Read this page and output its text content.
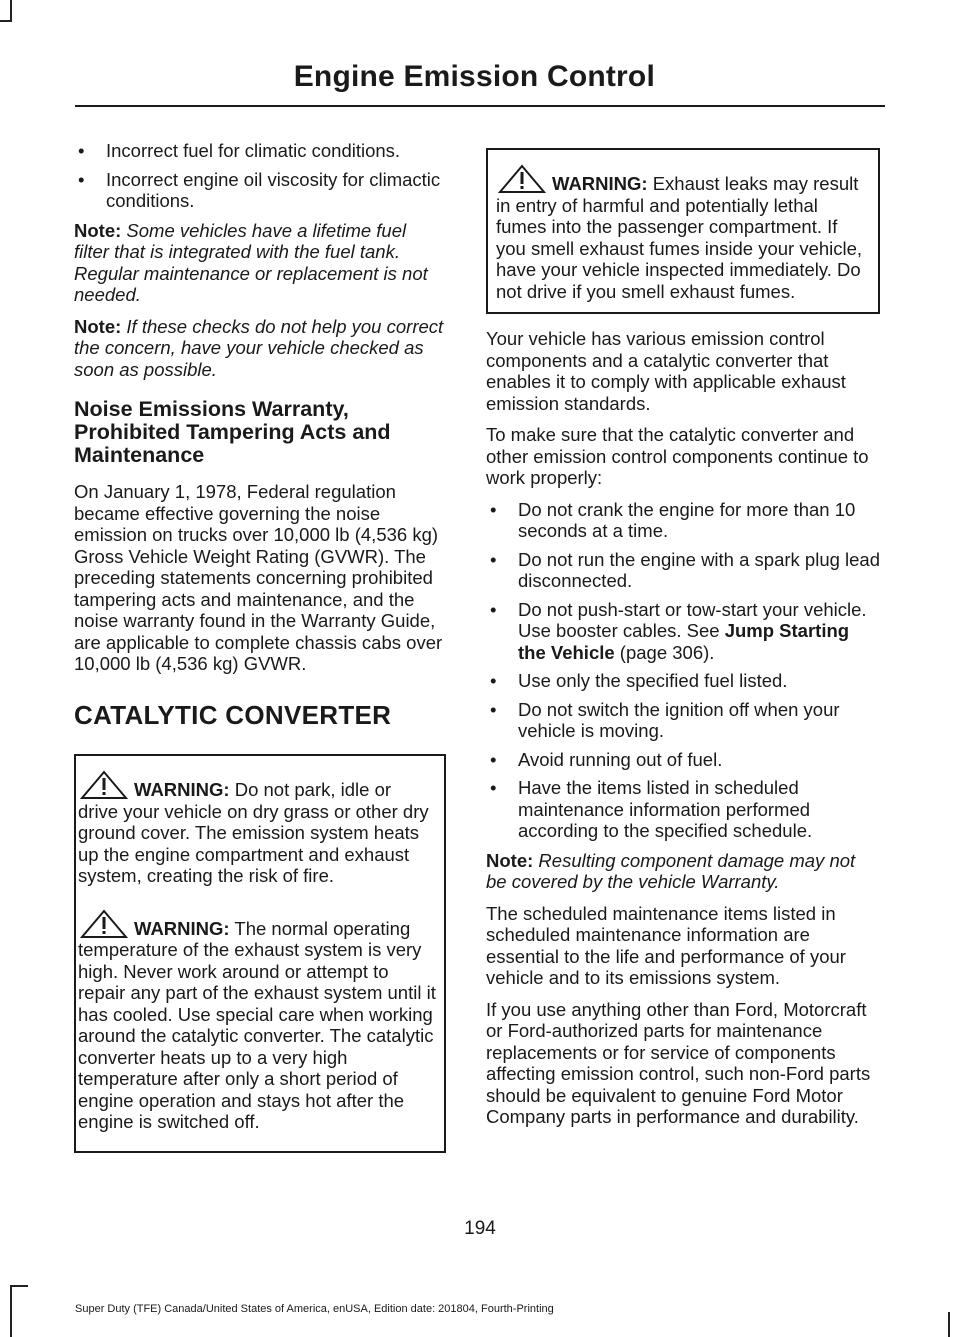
Engine Emission Control
• Incorrect fuel for climatic conditions.
• Incorrect engine oil viscosity for climactic conditions.

Note: Some vehicles have a lifetime fuel filter that is integrated with the fuel tank. Regular maintenance or replacement is not needed.

Note: If these checks do not help you correct the concern, have your vehicle checked as soon as possible.

Noise Emissions Warranty, Prohibited Tampering Acts and Maintenance

On January 1, 1978, Federal regulation became effective governing the noise emission on trucks over 10,000 lb (4,536 kg) Gross Vehicle Weight Rating (GVWR). The preceding statements concerning prohibited tampering acts and maintenance, and the noise warranty found in the Warranty Guide, are applicable to complete chassis cabs over 10,000 lb (4,536 kg) GVWR.

CATALYTIC CONVERTER
WARNING: Do not park, idle or drive your vehicle on dry grass or other dry ground cover. The emission system heats up the engine compartment and exhaust system, creating the risk of fire.
WARNING: The normal operating temperature of the exhaust system is very high. Never work around or attempt to repair any part of the exhaust system until it has cooled. Use special care when working around the catalytic converter. The catalytic converter heats up to a very high temperature after only a short period of engine operation and stays hot after the engine is switched off.
WARNING: Exhaust leaks may result in entry of harmful and potentially lethal fumes into the passenger compartment. If you smell exhaust fumes inside your vehicle, have your vehicle inspected immediately. Do not drive if you smell exhaust fumes.

Your vehicle has various emission control components and a catalytic converter that enables it to comply with applicable exhaust emission standards.

To make sure that the catalytic converter and other emission control components continue to work properly:

• Do not crank the engine for more than 10 seconds at a time.
• Do not run the engine with a spark plug lead disconnected.
• Do not push-start or tow-start your vehicle. Use booster cables. See Jump Starting the Vehicle (page 306).
• Use only the specified fuel listed.
• Do not switch the ignition off when your vehicle is moving.
• Avoid running out of fuel.
• Have the items listed in scheduled maintenance information performed according to the specified schedule.

Note: Resulting component damage may not be covered by the vehicle Warranty.

The scheduled maintenance items listed in scheduled maintenance information are essential to the life and performance of your vehicle and to its emissions system.

If you use anything other than Ford, Motorcraft or Ford-authorized parts for maintenance replacements or for service of components affecting emission control, such non-Ford parts should be equivalent to genuine Ford Motor Company parts in performance and durability.

194
Super Duty (TFE) Canada/United States of America, enUSA, Edition date: 201804, Fourth-Printing
